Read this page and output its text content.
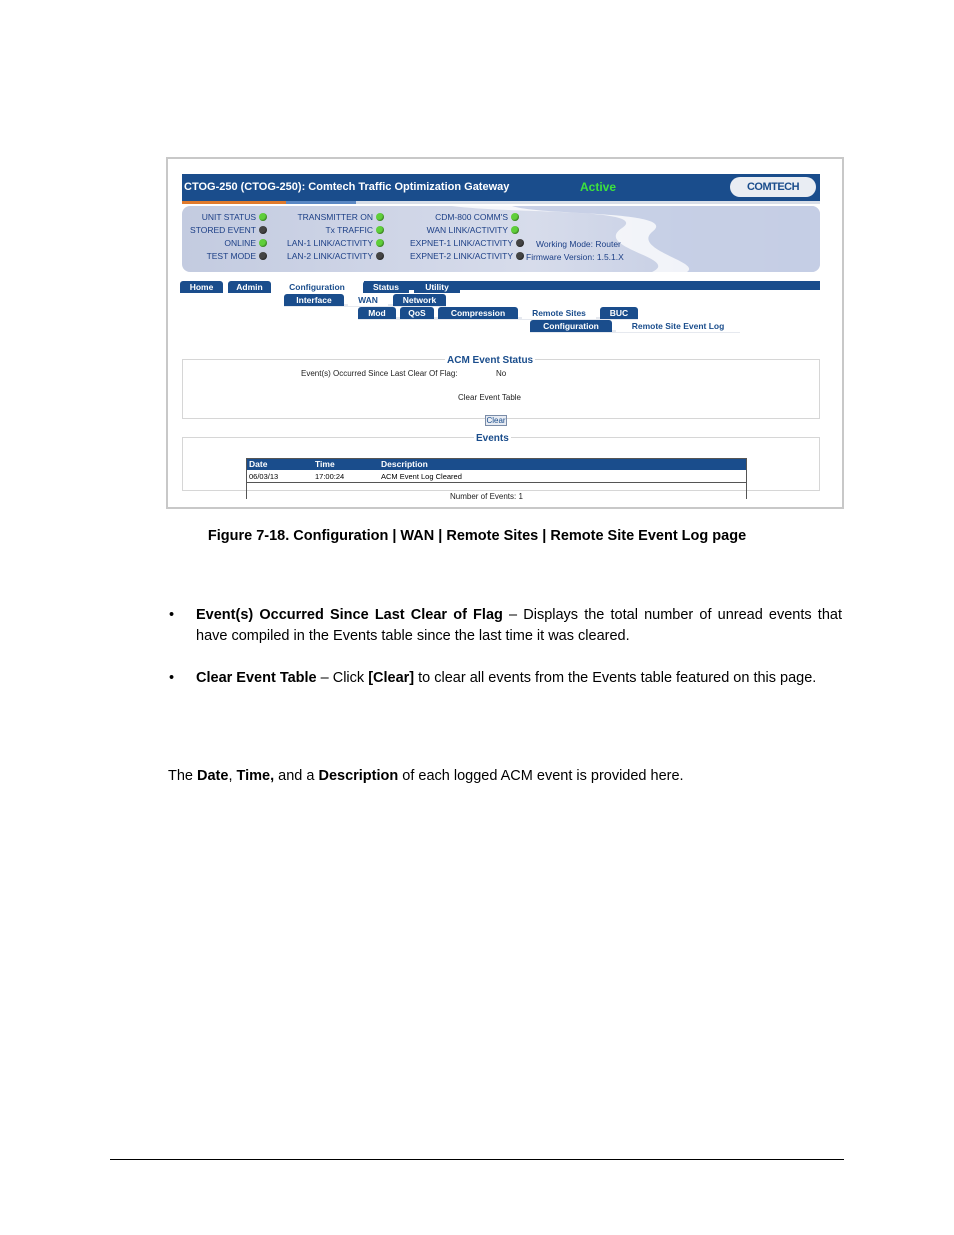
CTOG-250 (CTOG-250): Comtech Traffic Optimization Gateway	Active	COMTECH
UNIT STATUS
STORED EVENT
ONLINE
TEST MODE
TRANSMITTER ON
Tx TRAFFIC
LAN-1 LINK/ACTIVITY
LAN-2 LINK/ACTIVITY
CDM-800 COMM'S
WAN LINK/ACTIVITY
EXPNET-1 LINK/ACTIVITY
EXPNET-2 LINK/ACTIVITY
Working Mode: Router
Firmware Version: 1.5.1.X
Home	Admin	Configuration	Status	Utility
Interface	WAN	Network
Mod	QoS	Compression	Remote Sites	BUC
Configuration	Remote Site Event Log
ACM Event Status
Event(s) Occurred Since Last Clear Of Flag:	No
Clear Event Table
Clear
Events
Date	Time	Description
06/03/13	17:00:24	ACM Event Log Cleared
Number of Events: 1
Figure 7-18. Configuration | WAN | Remote Sites | Remote Site Event Log page
• Event(s) Occurred Since Last Clear of Flag – Displays the total number of unread events that have compiled in the Events table since the last time it was cleared.
• Clear Event Table – Click [Clear] to clear all events from the Events table featured on this page.
The Date, Time, and a Description of each logged ACM event is provided here.
